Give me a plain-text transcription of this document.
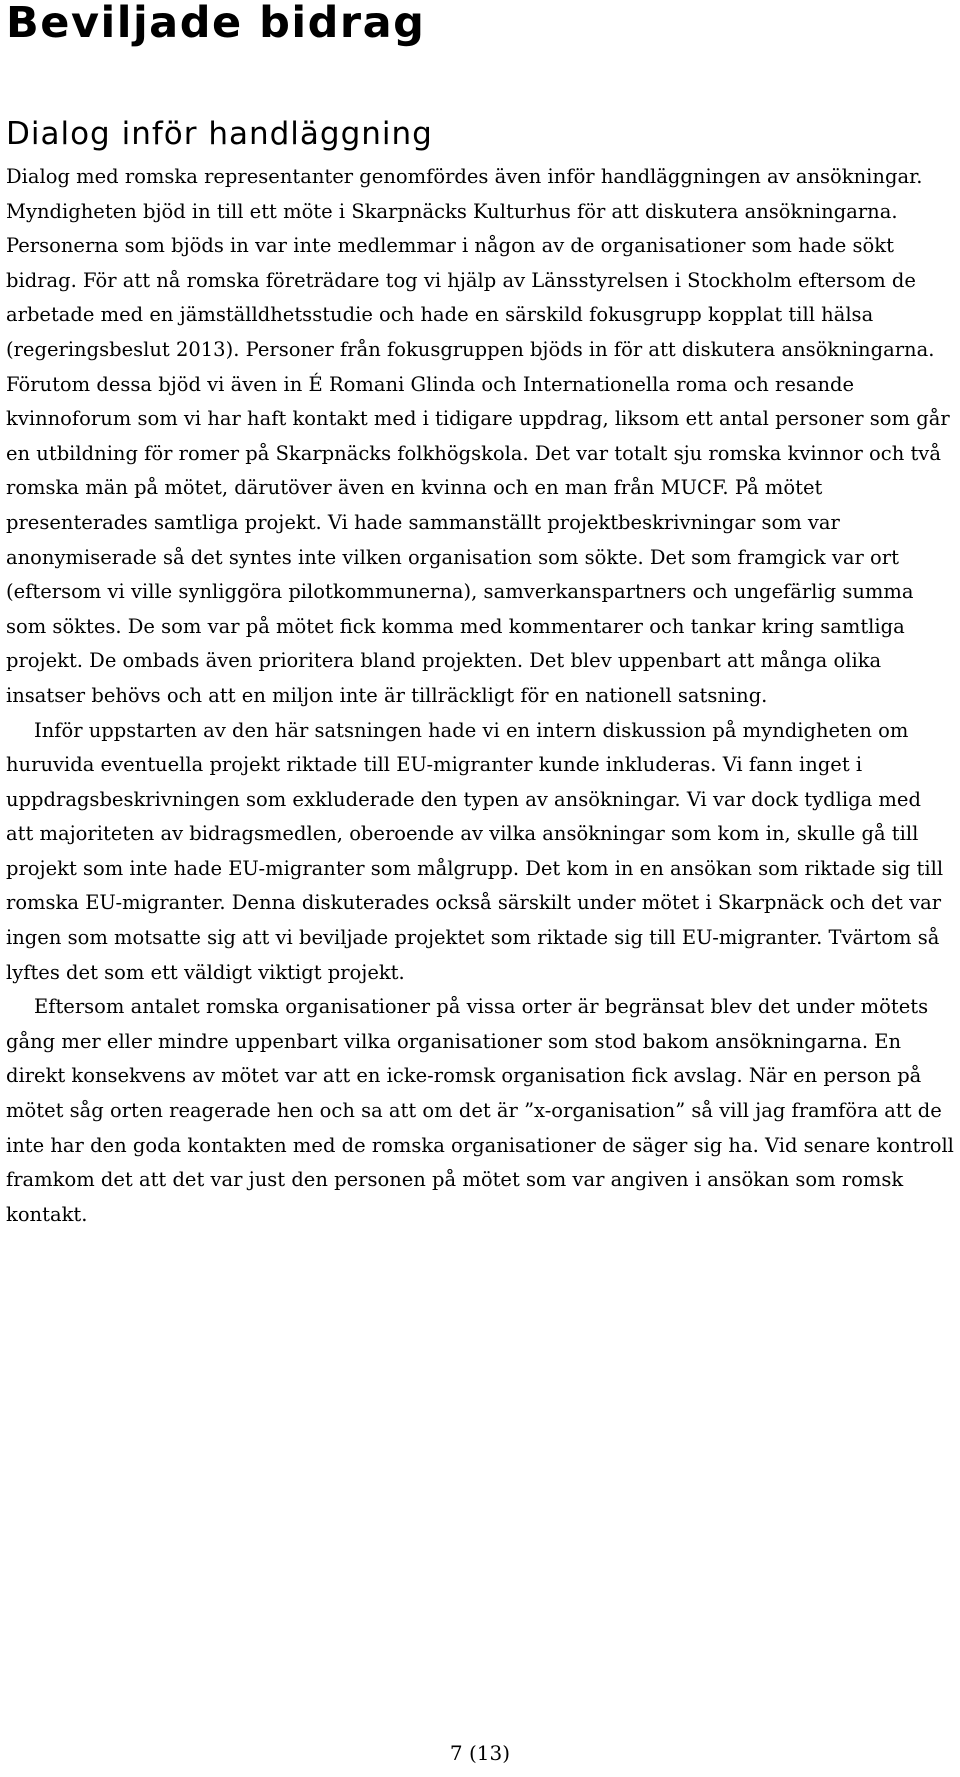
Beviljade bidrag
Dialog inför handläggning

Dialog med romska representanter genomfördes även inför handläggningen av ansökningar. Myndigheten bjöd in till ett möte i Skarpnäcks Kulturhus för att diskutera ansökningarna. Personerna som bjöds in var inte medlemmar i någon av de organisationer som hade sökt bidrag. För att nå romska företrädare tog vi hjälp av Länsstyrelsen i Stockholm eftersom de arbetade med en jämställdhetsstudie och hade en särskild fokusgrupp kopplat till hälsa (regeringsbeslut 2013). Personer från fokusgruppen bjöds in för att diskutera ansökningarna. Förutom dessa bjöd vi även in É Romani Glinda och Internationella roma och resande kvinnoforum som vi har haft kontakt med i tidigare uppdrag, liksom ett antal personer som går en utbildning för romer på Skarpnäcks folkhögskola. Det var totalt sju romska kvinnor och två romska män på mötet, därutöver även en kvinna och en man från MUCF. På mötet presenterades samtliga projekt. Vi hade sammanställt projektbeskrivningar som var anonymiserade så det syntes inte vilken organisation som sökte. Det som framgick var ort (eftersom vi ville synliggöra pilotkommunerna), samverkanspartners och ungefärlig summa som söktes. De som var på mötet fick komma med kommentarer och tankar kring samtliga projekt. De ombads även prioritera bland projekten. Det blev uppenbart att många olika insatser behövs och att en miljon inte är tillräckligt för en nationell satsning.

Inför uppstarten av den här satsningen hade vi en intern diskussion på myndigheten om huruvida eventuella projekt riktade till EU-migranter kunde inkluderas. Vi fann inget i uppdragsbeskrivningen som exkluderade den typen av ansökningar. Vi var dock tydliga med att majoriteten av bidragsmedlen, oberoende av vilka ansökningar som kom in, skulle gå till projekt som inte hade EU-migranter som målgrupp. Det kom in en ansökan som riktade sig till romska EU-migranter. Denna diskuterades också särskilt under mötet i Skarpnäck och det var ingen som motsatte sig att vi beviljade projektet som riktade sig till EU-migranter. Tvärtom så lyftes det som ett väldigt viktigt projekt.

Eftersom antalet romska organisationer på vissa orter är begränsat blev det under mötets gång mer eller mindre uppenbart vilka organisationer som stod bakom ansökningarna. En direkt konsekvens av mötet var att en icke-romsk organisation fick avslag. När en person på mötet såg orten reagerade hen och sa att om det är ”x-organisation” så vill jag framföra att de inte har den goda kontakten med de romska organisationer de säger sig ha. Vid senare kontroll framkom det att det var just den personen på mötet som var angiven i ansökan som romsk kontakt.

7 (13)
